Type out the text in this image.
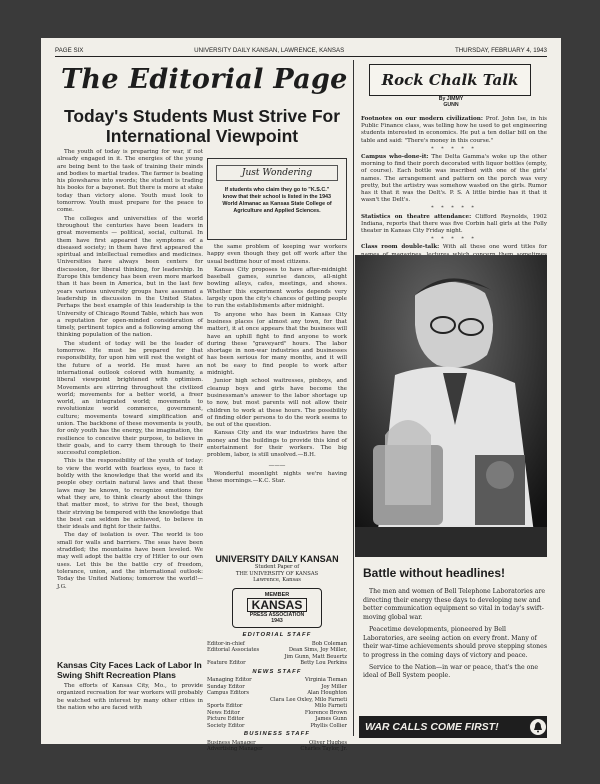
PAGE SIX	UNIVERSITY DAILY KANSAN, LAWRENCE, KANSAS	THURSDAY, FEBRUARY 4, 1943
The Editorial Page
Today's Students Must Strive For International Viewpoint

The youth of today is preparing for war, if not already engaged in it. The energies of the young are being bent to the task of training their minds and bodies to martial trades. The farmer is beating his plowshares into swords; the student is trading his books for a bayonet. But there is more at stake today than victory alone. Youth must look to tomorrow. Youth must prepare for the peace to come.

The colleges and universities of the world throughout the centuries have been leaders in great movements — political, social, cultural. In them have first appeared the symptoms of a diseased society; in them have first appeared the spiritual and intellectual remedies and medicines. Universities have always been centers for discussion, for liberal thinking, for leadership. In Europe this tendency has been even more marked than it has been in America, but in the last few years various university groups have assumed a leadership in discussion in the United States. Perhaps the best example of this leadership is the University of Chicago Round Table, which has won a reputation for open-minded consideration of timely, pertinent topics and a following among the thinking population of the nation.

The student of today will be the leader of tomorrow. He must be prepared for that responsibility, for upon him will rest the weight of the future of a world. He must have an international outlook colored with humanity, a liberal viewpoint brightened with optimism. Movements are stirring throughout the civilized world; movements for a better world, a freer world, an integrated world; movements to revolutionize world commerce, government, culture; movements toward simplification and union. The backbone of these movements is youth, for only youth has the energy, the imagination, the resilience to conceive their purpose, to believe in their goals, and to carry them through to their successful completion.

This is the responsibility of the youth of today: to view the world with fearless eyes, to face it boldly with the knowledge that the world and its people obey certain natural laws and that these laws may be known, to recognize emotions for what they are, to think clearly about the things that matter most, to strive for the best, though their striving be tempered with the knowledge that the best can seldom be achieved, to believe in their ideals and fight for their faiths.

The day of isolation is over. The world is too small for walls and barriers. The seas have been straddled; the mountains have been leveled. We may well adopt the battle cry of Hitler to our own uses. Let this be the battle cry of freedom, tolerance, union, and the international outlook: Today the United Nations; tomorrow the world!—J.G.

Just Wondering
If students who claim they go to "K.S.C." know that their school is listed in the 1943 World Almanac as Kansas State College of Agriculture and Applied Sciences.

the same problem of keeping war workers happy even though they get off work after the usual bedtime hour of most citizens.

Kansas City proposes to have after-midnight baseball games, sunrise dances, all-night bowling alleys, cafes, meetings, and shows. Whether this experiment works depends very largely upon the city's chances of getting people to run the establishments after midnight.

To anyone who has been in Kansas City business places (or almost any town, for that matter), it at once appears that the business will have an uphill fight to find anyone to work during these "graveyard" hours. The labor shortage in non-war industries and businesses has been serious for many months, and it will not be easy to find people to work after midnight.

Junior high school waitresses, pinboys, and cleanup boys and girls have become the businessman's answer to the labor shortage up to now, but most parents will not allow their children to work at these hours. The possibility of finding older persons to do the work seems to be out of the question.

Kansas City and its war industries have the money and the buildings to provide this kind of entertainment for their workers. The big problem, labor, is still unsolved.—B.H.

———

Wonderful moonlight nights we're having these mornings.—K.C. Star.

UNIVERSITY DAILY KANSAN
Student Paper of
THE UNIVERSITY OF KANSAS
Lawrence, Kansas
MEMBER
KANSAS
PRESS ASSOCIATION
1943
EDITORIAL STAFF
Editor-in-chief	Bob Coleman
Editorial Associates	Dean Sims, Joy Miller,
Jim Gunn, Matt Beuertz
Feature Editor	Betty Lou Perkins
NEWS STAFF
Managing Editor	Virginia Tieman
Sunday Editor	Joy Miller
Campus Editors	Alan Houghton
Clara Lee Oxley, Milo Farneti
Sports Editor	Milo Farneti
News Editor	Florence Brown
Picture Editor	James Gunn
Society Editor	Phyllis Collier
BUSINESS STAFF
Business Manager	Oliver Hughes
Advertising Manager	Charles Taylor, Jr.
Kansas City Faces Lack of Labor In Swing Shift Recreation Plans

The efforts of Kansas City, Mo., to provide organized recreation for war workers will probably be watched with interest by many other cities in the nation who are faced with

Rock Chalk Talk
By JIMMY
GUNN

Footnotes on our modern civilization: Prof. John Ise, in his Public Finance class, was telling how he used to get engineering students interested in economics. He put a ten dollar bill on the table and said: "There's money in this course."

* * * * *

Campus who-done-it: The Delta Gamma's woke up the other morning to find their porch decorated with liquor bottles (empty, of course). Each bottle was inscribed with one of the girls' names. The arrangement and pattern on the porch was very pretty, but the artistry was somehow wasted on the girls. Rumor has it that it was the Delt's. P. S. A little birdie has it that it wasn't the Delt's.

* * * * *

Statistics on theatre attendance: Clifford Reynolds, 1902 Indiana, reports that there was five Corbin hall girls at the Folly theater in Kansas City Friday night.

* * * * *

Class room double-talk: With all these one word titles for

Battle without headlines!

The men and women of Bell Telephone Laboratories are directing their energy these days to developing new and better communication equipment so vital in today's swift-moving global war.

Peacetime developments, pioneered by Bell Laboratories, are seeing action on every front. Many of their war-time achievements should prove stepping stones to progress in the coming days of victory and peace.

Service to the Nation—in war or peace, that's the one ideal of Bell System people.

WAR CALLS COME FIRST!
